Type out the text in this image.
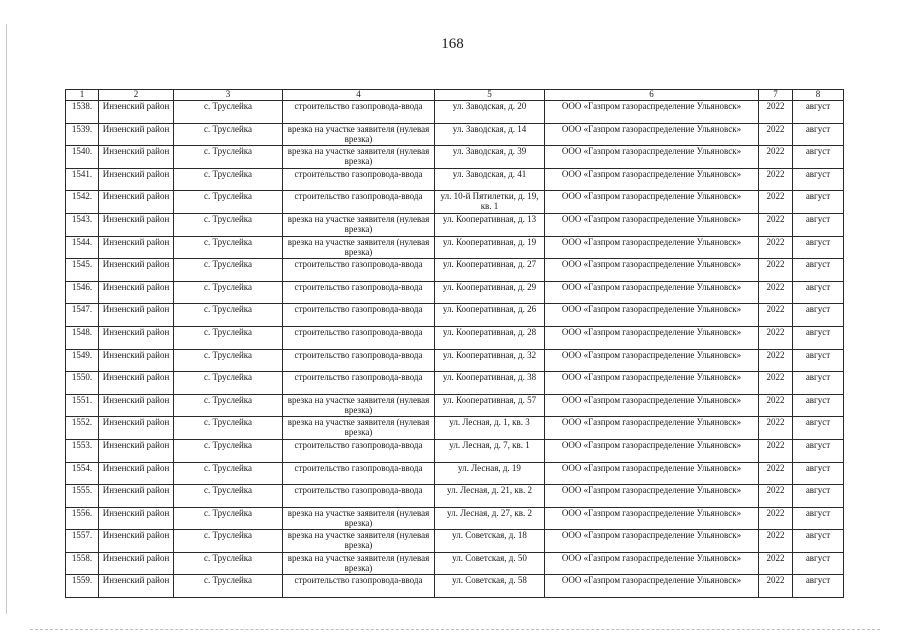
168
1	2	3	4	5	6	7	8
1538.	Инзенский район	с. Труслейка	строительство газопровода-ввода	ул. Заводская, д. 20	ООО «Газпром газораспределение Ульяновск»	2022	август
1539.	Инзенский район	с. Труслейка	врезка на участке заявителя (нулевая врезка)	ул. Заводская, д. 14	ООО «Газпром газораспределение Ульяновск»	2022	август
1540.	Инзенский район	с. Труслейка	врезка на участке заявителя (нулевая врезка)	ул. Заводская, д. 39	ООО «Газпром газораспределение Ульяновск»	2022	август
1541.	Инзенский район	с. Труслейка	строительство газопровода-ввода	ул. Заводская, д. 41	ООО «Газпром газораспределение Ульяновск»	2022	август
1542.	Инзенский район	с. Труслейка	строительство газопровода-ввода	ул. 10-й Пятилетки, д. 19, кв. 1	ООО «Газпром газораспределение Ульяновск»	2022	август
1543.	Инзенский район	с. Труслейка	врезка на участке заявителя (нулевая врезка)	ул. Кооперативная, д. 13	ООО «Газпром газораспределение Ульяновск»	2022	август
1544.	Инзенский район	с. Труслейка	врезка на участке заявителя (нулевая врезка)	ул. Кооперативная, д. 19	ООО «Газпром газораспределение Ульяновск»	2022	август
1545.	Инзенский район	с. Труслейка	строительство газопровода-ввода	ул. Кооперативная, д. 27	ООО «Газпром газораспределение Ульяновск»	2022	август
1546.	Инзенский район	с. Труслейка	строительство газопровода-ввода	ул. Кооперативная, д. 29	ООО «Газпром газораспределение Ульяновск»	2022	август
1547.	Инзенский район	с. Труслейка	строительство газопровода-ввода	ул. Кооперативная, д. 26	ООО «Газпром газораспределение Ульяновск»	2022	август
1548.	Инзенский район	с. Труслейка	строительство газопровода-ввода	ул. Кооперативная, д. 28	ООО «Газпром газораспределение Ульяновск»	2022	август
1549.	Инзенский район	с. Труслейка	строительство газопровода-ввода	ул. Кооперативная, д. 32	ООО «Газпром газораспределение Ульяновск»	2022	август
1550.	Инзенский район	с. Труслейка	строительство газопровода-ввода	ул. Кооперативная, д. 38	ООО «Газпром газораспределение Ульяновск»	2022	август
1551.	Инзенский район	с. Труслейка	врезка на участке заявителя (нулевая врезка)	ул. Кооперативная, д. 57	ООО «Газпром газораспределение Ульяновск»	2022	август
1552.	Инзенский район	с. Труслейка	врезка на участке заявителя (нулевая врезка)	ул. Лесная, д. 1, кв. 3	ООО «Газпром газораспределение Ульяновск»	2022	август
1553.	Инзенский район	с. Труслейка	строительство газопровода-ввода	ул. Лесная, д. 7, кв. 1	ООО «Газпром газораспределение Ульяновск»	2022	август
1554.	Инзенский район	с. Труслейка	строительство газопровода-ввода	ул. Лесная, д. 19	ООО «Газпром газораспределение Ульяновск»	2022	август
1555.	Инзенский район	с. Труслейка	строительство газопровода-ввода	ул. Лесная, д. 21, кв. 2	ООО «Газпром газораспределение Ульяновск»	2022	август
1556.	Инзенский район	с. Труслейка	врезка на участке заявителя (нулевая врезка)	ул. Лесная, д. 27, кв. 2	ООО «Газпром газораспределение Ульяновск»	2022	август
1557.	Инзенский район	с. Труслейка	врезка на участке заявителя (нулевая врезка)	ул. Советская, д. 18	ООО «Газпром газораспределение Ульяновск»	2022	август
1558.	Инзенский район	с. Труслейка	врезка на участке заявителя (нулевая врезка)	ул. Советская, д. 50	ООО «Газпром газораспределение Ульяновск»	2022	август
1559.	Инзенский район	с. Труслейка	строительство газопровода-ввода	ул. Советская, д. 58	ООО «Газпром газораспределение Ульяновск»	2022	август
